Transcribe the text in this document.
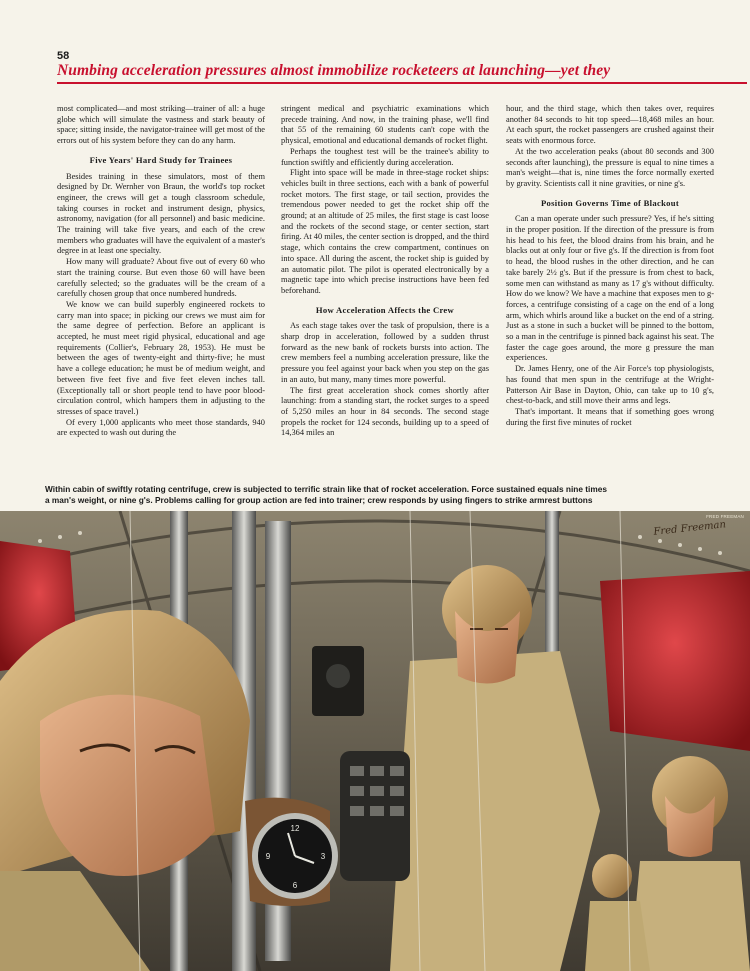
58
Numbing acceleration pressures almost immobilize rocketeers at launching—yet they

most complicated—and most striking—trainer of all: a huge globe which will simulate the vastness and stark beauty of space; sitting inside, the navigator-trainee will get most of the errors out of his system before they can do any harm.

Five Years' Hard Study for Trainees

Besides training in these simulators, most of them designed by Dr. Wernher von Braun, the world's top rocket engineer, the crews will get a tough classroom schedule, taking courses in rocket and instrument design, physics, astronomy, navigation (for all personnel) and basic medicine. The training will take five years, and each of the crew members who graduates will have the equivalent of a master's degree in at least one specialty.

How many will graduate? About five out of every 60 who start the training course. But even those 60 will have been carefully selected; so the graduates will be the cream of a carefully chosen group that once numbered hundreds.

We know we can build superbly engineered rockets to carry man into space; in picking our crews we must aim for the same degree of perfection. Before an applicant is accepted, he must meet rigid physical, educational and age requirements (Collier's, February 28, 1953). He must be between the ages of twenty-eight and thirty-five; he must have a college education; he must be of medium weight, and between five feet five and five feet eleven inches tall. (Exceptionally tall or short people tend to have poor blood-circulation control, which hampers them in adjusting to the stresses of space travel.)

Of every 1,000 applicants who meet those standards, 940 are expected to wash out during the

stringent medical and psychiatric examinations which precede training. And now, in the training phase, we'll find that 55 of the remaining 60 students can't cope with the physical, emotional and educational demands of rocket flight.

Perhaps the toughest test will be the trainee's ability to function swiftly and efficiently during acceleration.

Flight into space will be made in three-stage rocket ships: vehicles built in three sections, each with a bank of powerful rocket motors. The first stage, or tail section, provides the tremendous power needed to get the rocket ship off the ground; at an altitude of 25 miles, the first stage is cast loose and the rockets of the second stage, or center section, start firing. At 40 miles, the center section is dropped, and the third stage, which contains the crew compartment, continues on into space. All during the ascent, the rocket ship is guided by an automatic pilot. The pilot is operated electronically by a magnetic tape into which precise instructions have been fed beforehand.

How Acceleration Affects the Crew

As each stage takes over the task of propulsion, there is a sharp drop in acceleration, followed by a sudden thrust forward as the new bank of rockets bursts into action. The crew members feel a numbing acceleration pressure, like the pressure you feel against your back when you step on the gas in an auto, but many, many times more powerful.

The first great acceleration shock comes shortly after launching: from a standing start, the rocket surges to a speed of 5,250 miles an hour in 84 seconds. The second stage propels the rocket for 124 seconds, building up to a speed of 14,364 miles an

hour, and the third stage, which then takes over, requires another 84 seconds to hit top speed—18,468 miles an hour. At each spurt, the rocket passengers are crushed against their seats with enormous force.

At the two acceleration peaks (about 80 seconds and 300 seconds after launching), the pressure is equal to nine times a man's weight—that is, nine times the force normally exerted by gravity. Scientists call it nine gravities, or nine g's.

Position Governs Time of Blackout

Can a man operate under such pressure? Yes, if he's sitting in the proper position. If the direction of the pressure is from his head to his feet, the blood drains from his brain, and he blacks out at only four or five g's. If the direction is from foot to head, the blood rushes in the other direction, and he can take barely 2½ g's. But if the pressure is from chest to back, some men can withstand as many as 17 g's without difficulty. How do we know? We have a machine that exposes men to g-forces, a centrifuge consisting of a cage on the end of a long arm, which whirls around like a bucket on the end of a string. Just as a stone in such a bucket will be pinned to the bottom, so a man in the centrifuge is pinned back against his seat. The faster the cage goes around, the more g pressure the man experiences.

Dr. James Henry, one of the Air Force's top physiologists, has found that men spun in the centrifuge at the Wright-Patterson Air Base in Dayton, Ohio, can take up to 10 g's, chest-to-back, and still move their arms and legs.

That's important. It means that if something goes wrong during the first five minutes of rocket

Within cabin of swiftly rotating centrifuge, crew is subjected to terrific strain like that of rocket acceleration. Force sustained equals nine times
a man's weight, or nine g's. Problems calling for group action are fed into trainer; crew responds by using fingers to strike armrest buttons
12
3
6
9
Fred Freeman
FRED FREEMAN
